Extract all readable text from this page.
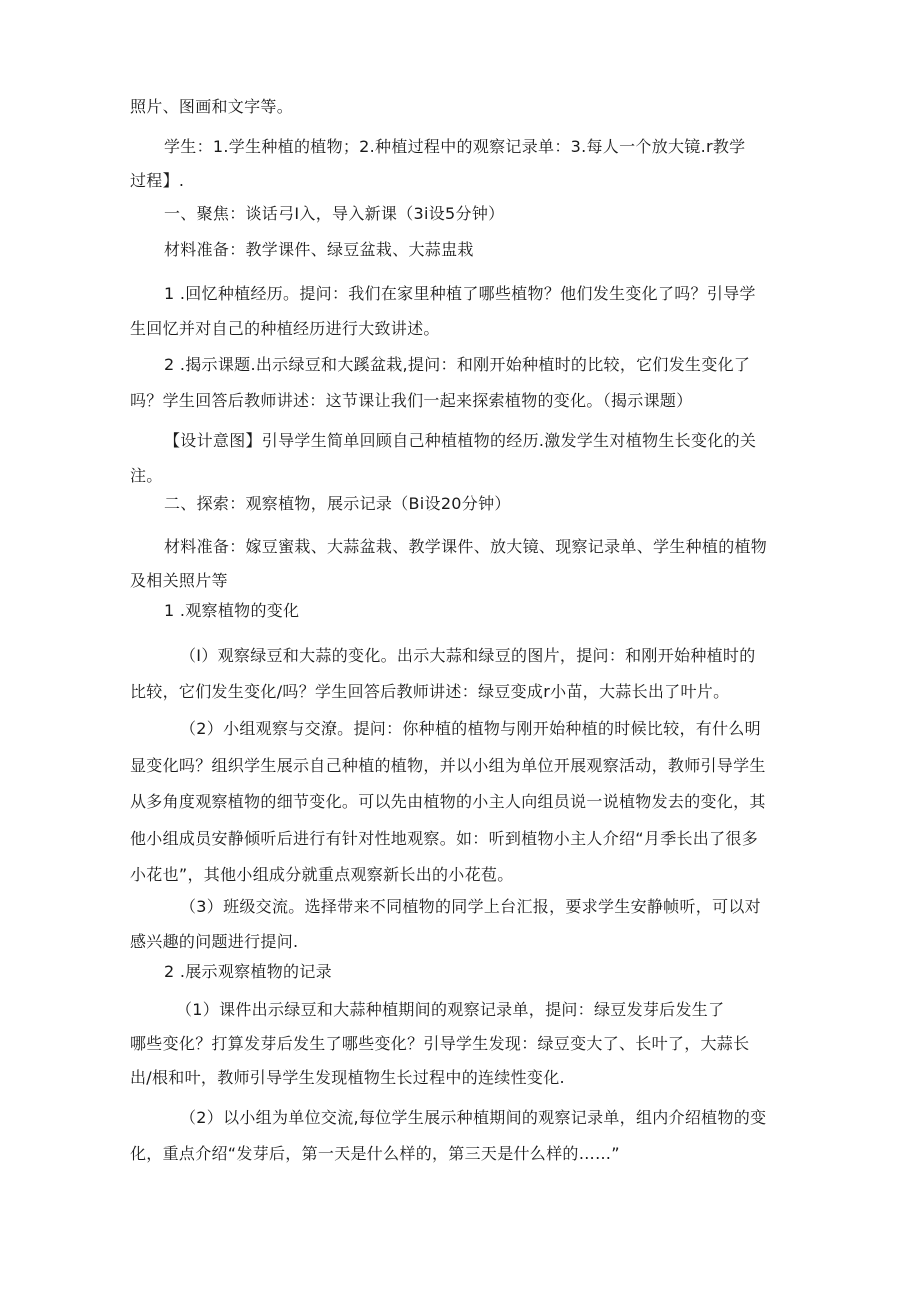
照片、图画和文字等。
学生：1.学生种植的植物；2.种植过程中的观察记录单：3.每人一个放大镜.r教学
过程】.
一、聚焦：谈话弓I入，导入新课（3i设5分钟）
材料准备：教学课件、绿豆盆栽、大蒜盅栽
1 .回忆种植经历。提问：我们在家里种植了哪些植物？他们发生变化了吗？引导学
生回忆并对自己的种植经历进行大致讲述。
2 .揭示课题.出示绿豆和大蹊盆栽,提问：和刚开始种植时的比较，它们发生变化了
吗？学生回答后教师讲述：这节课让我们一起来探索植物的变化。（揭示课题）
【设计意图】引导学生简单回顾自己种植植物的经历.激发学生对植物生长变化的关
注。
二、探索：观察植物，展示记录（Bi设20分钟）
材料准备：嫁豆蜜栽、大蒜盆栽、教学课件、放大镜、现察记录单、学生种植的植物
及相关照片等
1 .观察植物的变化
（I）观察绿豆和大蒜的变化。出示大蒜和绿豆的图片，提问：和刚开始种植时的
比较，它们发生变化/吗？学生回答后教师讲述：绿豆变成r小苗，大蒜长出了叶片。
（2）小组观察与交潦。提问：你种植的植物与刚开始种植的时候比较，有什么明
显变化吗？组织学生展示自己种植的植物，并以小组为单位开展观察活动，教师引导学生
从多角度观察植物的细节变化。可以先由植物的小主人向组员说一说植物发去的变化，其
他小组成员安静倾听后进行有针对性地观察。如：听到植物小主人介绍“月季长出了很多
小花也”，其他小组成分就重点观察新长出的小花苞。
（3）班级交流。选择带来不同植物的同学上台汇报，要求学生安静帧听，可以对
感兴趣的问题进行提问.
2 .展示观察植物的记录
（1）课件出示绿豆和大蒜种植期间的观察记录单，提问：绿豆发芽后发生了
哪些变化？打算发芽后发生了哪些变化？引导学生发现：绿豆变大了、长叶了，大蒜长
出/根和叶，教师引导学生发现植物生长过程中的连续性变化.
（2）以小组为单位交流,每位学生展示种植期间的观察记录单，组内介绍植物的变
化，重点介绍“发芽后，第一天是什么样的，第三天是什么样的……”
